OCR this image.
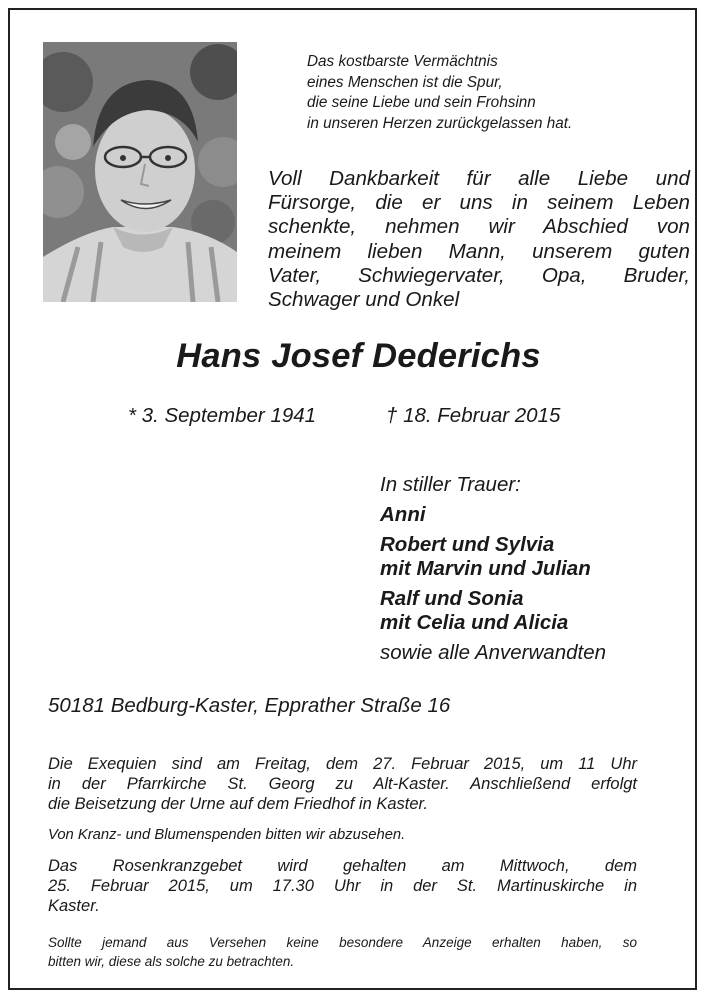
Das kostbarste Vermächtnis
eines Menschen ist die Spur,
die seine Liebe und sein Frohsinn
in unseren Herzen zurückgelassen hat.
Voll Dankbarkeit für alle Liebe und
Fürsorge, die er uns in seinem Leben
schenkte, nehmen wir Abschied von
meinem lieben Mann, unserem guten
Vater, Schwiegervater, Opa, Bruder,
Schwager und Onkel
Hans Josef Dederichs
* 3. September 1941	† 18. Februar 2015
In stiller Trauer:
Anni
Robert und Sylvia
mit Marvin und Julian
Ralf und Sonia
mit Celia und Alicia
sowie alle Anverwandten
50181 Bedburg-Kaster, Epprather Straße 16
Die Exequien sind am Freitag, dem 27. Februar 2015, um 11 Uhr
in der Pfarrkirche St. Georg zu Alt-Kaster. Anschließend erfolgt
die Beisetzung der Urne auf dem Friedhof in Kaster.
Von Kranz- und Blumenspenden bitten wir abzusehen.
Das Rosenkranzgebet wird gehalten am Mittwoch, dem
25. Februar 2015, um 17.30 Uhr in der St. Martinuskirche in
Kaster.
Sollte jemand aus Versehen keine besondere Anzeige erhalten haben, so
bitten wir, diese als solche zu betrachten.
